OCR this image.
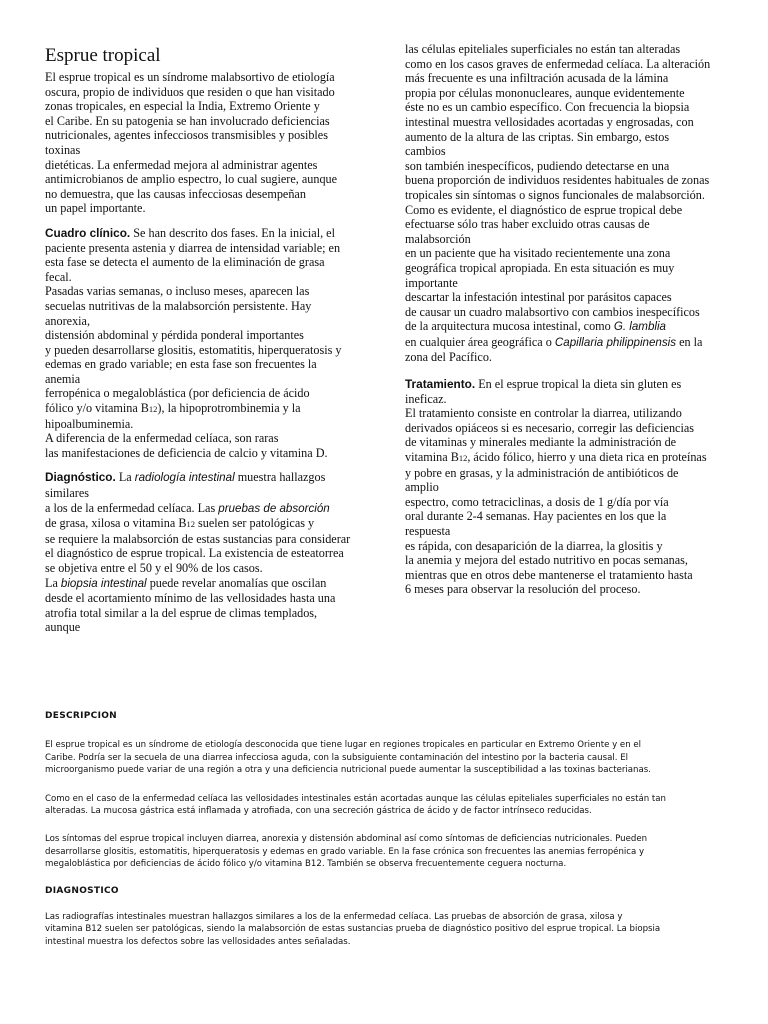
Esprue tropical
El esprue tropical es un síndrome malabsortivo de etiología
oscura, propio de individuos que residen o que han visitado
zonas tropicales, en especial la India, Extremo Oriente y
el Caribe. En su patogenia se han involucrado deficiencias
nutricionales, agentes infecciosos transmisibles y posibles
toxinas
dietéticas. La enfermedad mejora al administrar agentes
antimicrobianos de amplio espectro, lo cual sugiere, aunque
no demuestra, que las causas infecciosas desempeñan
un papel importante.
Cuadro clínico. Se han descrito dos fases. En la inicial, el
paciente presenta astenia y diarrea de intensidad variable; en
esta fase se detecta el aumento de la eliminación de grasa
fecal.
Pasadas varias semanas, o incluso meses, aparecen las
secuelas nutritivas de la malabsorción persistente. Hay
anorexia,
distensión abdominal y pérdida ponderal importantes
y pueden desarrollarse glositis, estomatitis, hiperqueratosis y
edemas en grado variable; en esta fase son frecuentes la
anemia
ferropénica o megaloblástica (por deficiencia de ácido
fólico y/o vitamina B12), la hipoprotrombinemia y la
hipoalbuminemia.
A diferencia de la enfermedad celíaca, son raras
las manifestaciones de deficiencia de calcio y vitamina D.
Diagnóstico. La radiología intestinal muestra hallazgos
similares
a los de la enfermedad celíaca. Las pruebas de absorción
de grasa, xilosa o vitamina B12 suelen ser patológicas y
se requiere la malabsorción de estas sustancias para considerar
el diagnóstico de esprue tropical. La existencia de esteatorrea
se objetiva entre el 50 y el 90% de los casos.
La biopsia intestinal puede revelar anomalías que oscilan
desde el acortamiento mínimo de las vellosidades hasta una
atrofia total similar a la del esprue de climas templados,
aunque
las células epiteliales superficiales no están tan alteradas
como en los casos graves de enfermedad celíaca. La alteración
más frecuente es una infiltración acusada de la lámina
propia por células mononucleares, aunque evidentemente
éste no es un cambio específico. Con frecuencia la biopsia
intestinal muestra vellosidades acortadas y engrosadas, con
aumento de la altura de las criptas. Sin embargo, estos
cambios
son también inespecíficos, pudiendo detectarse en una
buena proporción de individuos residentes habituales de zonas
tropicales sin síntomas o signos funcionales de malabsorción.
Como es evidente, el diagnóstico de esprue tropical debe
efectuarse sólo tras haber excluido otras causas de
malabsorción
en un paciente que ha visitado recientemente una zona
geográfica tropical apropiada. En esta situación es muy
importante
descartar la infestación intestinal por parásitos capaces
de causar un cuadro malabsortivo con cambios inespecíficos
de la arquitectura mucosa intestinal, como G. lamblia
en cualquier área geográfica o Capillaria philippinensis en la
zona del Pacífico.
Tratamiento. En el esprue tropical la dieta sin gluten es
ineficaz.
El tratamiento consiste en controlar la diarrea, utilizando
derivados opiáceos si es necesario, corregir las deficiencias
de vitaminas y minerales mediante la administración de
vitamina B12, ácido fólico, hierro y una dieta rica en proteínas
y pobre en grasas, y la administración de antibióticos de
amplio
espectro, como tetraciclinas, a dosis de 1 g/día por vía
oral durante 2-4 semanas. Hay pacientes en los que la
respuesta
es rápida, con desaparición de la diarrea, la glositis y
la anemia y mejora del estado nutritivo en pocas semanas,
mientras que en otros debe mantenerse el tratamiento hasta
6 meses para observar la resolución del proceso.
DESCRIPCION
El esprue tropical es un síndrome de etiología desconocida que tiene lugar en regiones tropicales en particular en Extremo Oriente y en el
Caribe. Podría ser la secuela de una diarrea infecciosa aguda, con la subsiguiente contaminación del intestino por la bacteria causal. El
microorganismo puede variar de una región a otra y una deficiencia nutricional puede aumentar la susceptibilidad a las toxinas bacterianas.
Como en el caso de la enfermedad celíaca las vellosidades intestinales están acortadas aunque las células epiteliales superficiales no están tan
alteradas. La mucosa gástrica está inflamada y atrofiada, con una secreción gástrica de ácido y de factor intrínseco reducidas.
Los síntomas del esprue tropical incluyen diarrea, anorexia y distensión abdominal así como síntomas de deficiencias nutricionales. Pueden
desarrollarse glositis, estomatitis, hiperqueratosis y edemas en grado variable. En la fase crónica son frecuentes las anemias ferropénica y
megaloblástica por deficiencias de ácido fólico y/o vitamina B12. También se observa frecuentemente ceguera nocturna.
DIAGNOSTICO
Las radiografías intestinales muestran hallazgos similares a los de la enfermedad celíaca. Las pruebas de absorción de grasa, xilosa y
vitamina B12 suelen ser patológicas, siendo la malabsorción de estas sustancias prueba de diagnóstico positivo del esprue tropical. La biopsia
intestinal muestra los defectos sobre las vellosidades antes señaladas.
